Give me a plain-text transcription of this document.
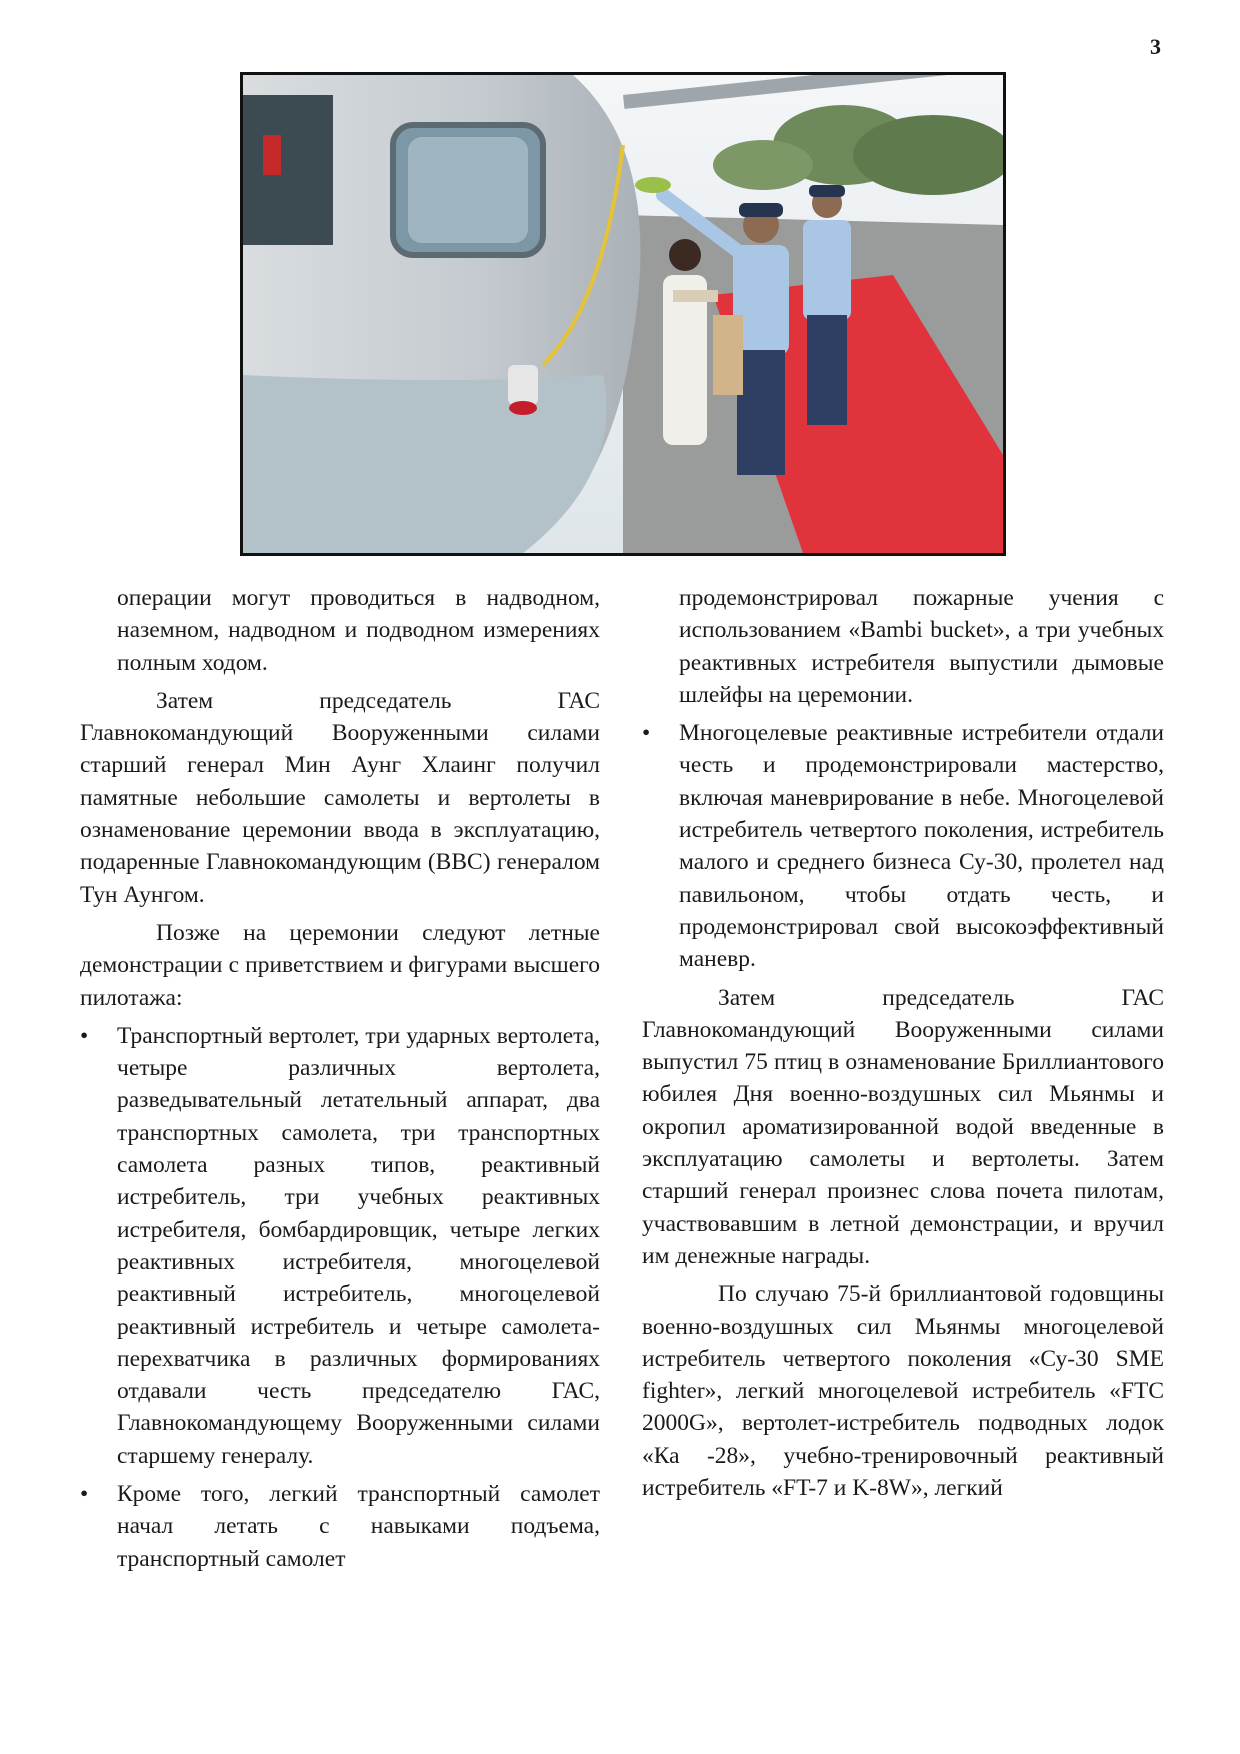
3

операции могут проводиться в надводном, наземном, надводном и подводном измерениях полным ходом.

Затем председатель ГАС Главнокомандующий Вооруженными силами старший генерал Мин Аунг Хлаинг получил памятные небольшие самолеты и вертолеты в ознаменование церемонии ввода в эксплуатацию, подаренные Главнокомандующим (ВВС) генералом Тун Аунгом.

Позже на церемонии следуют летные демонстрации с приветствием и фигурами высшего пилотажа:

•	Транспортный вертолет, три ударных вертолета, четыре различных вертолета, разведывательный летательный аппарат, два транспортных самолета, три транспортных самолета разных типов, реактивный истребитель, три учебных реактивных истребителя, бомбардировщик, четыре легких реактивных истребителя, многоцелевой реактивный истребитель, многоцелевой реактивный истребитель и четыре самолета-перехватчика в различных формированиях отдавали честь председателю ГАС, Главнокомандующему Вооруженными силами старшему генералу.
•	Кроме того, легкий транспортный самолет начал летать с навыками подъема, транспортный самолет

продемонстрировал пожарные учения с использованием «Bambi bucket», а три учебных реактивных истребителя выпустили дымовые шлейфы на церемонии.

•	Многоцелевые реактивные истребители отдали честь и продемонстрировали мастерство, включая маневрирование в небе. Многоцелевой истребитель четвертого поколения, истребитель малого и среднего бизнеса Су-30, пролетел над павильоном, чтобы отдать честь, и продемонстрировал свой высокоэффективный маневр.

Затем председатель ГАС Главнокомандующий Вооруженными силами выпустил 75 птиц в ознаменование Бриллиантового юбилея Дня военно-воздушных сил Мьянмы и окропил ароматизированной водой введенные в эксплуатацию самолеты и вертолеты. Затем старший генерал произнес слова почета пилотам, участвовавшим в летной демонстрации, и вручил им денежные награды.

По случаю 75-й бриллиантовой годовщины военно-воздушных сил Мьянмы многоцелевой истребитель четвертого поколения «Су-30 SME fighter», легкий многоцелевой истребитель «FTC 2000G», вертолет-истребитель подводных лодок «Ка -28», учебно-тренировочный реактивный истребитель «FT-7 и K-8W», легкий
